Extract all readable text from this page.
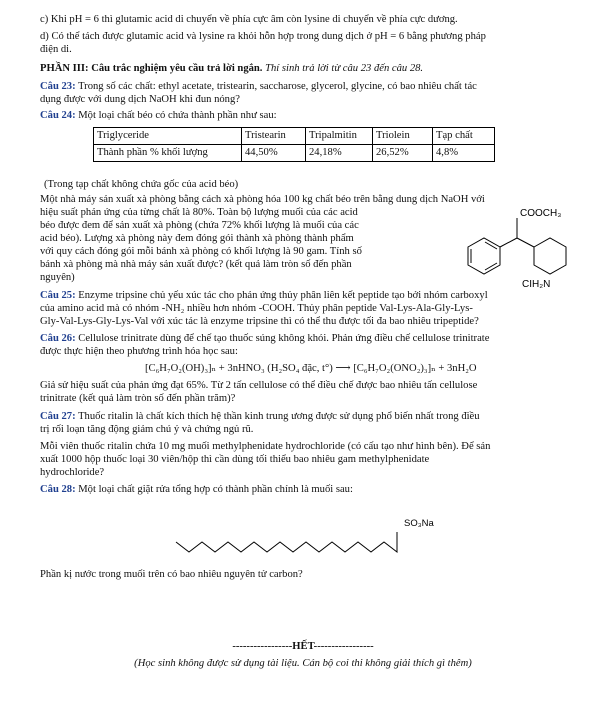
c) Khi pH = 6 thì glutamic acid di chuyển về phía cực âm còn lysine di chuyển về phía cực dương.

d) Có thể tách được glutamic acid và lysine ra khỏi hỗn hợp trong dung dịch ở pH = 6 bằng phương pháp

điện di.

PHẦN III: Câu trắc nghiệm yêu cầu trả lời ngắn. Thí sinh trả lời từ câu 23 đến câu 28.

Câu 23: Trong số các chất: ethyl acetate, tristearin, saccharose, glycerol, glycine, có bao nhiêu chất tác

dụng được với dung dịch NaOH khi đun nóng?

Câu 24: Một loại chất béo có chứa thành phần như sau:

Triglyceride	Tristearin	Tripalmitin	Triolein	Tạp chất
Thành phần % khối lượng	44,50%	24,18%	26,52%	4,8%

(Trong tạp chất không chứa gốc của acid béo)

Một nhà máy sản xuất xà phòng bằng cách xà phòng hóa 100 kg chất béo trên bằng dung dịch NaOH với

hiệu suất phản ứng của từng chất là 80%. Toàn bộ lượng muối của các acid

béo được đem để sản xuất xà phòng (chứa 72% khối lượng là muối của các

acid béo). Lượng xà phòng này đem đóng gói thành xà phòng thành phẩm

với quy cách đóng gói mỗi bánh xà phòng có khối lượng là 90 gam. Tính số

bánh xà phòng mà nhà máy sản xuất được? (kết quả làm tròn số đến phần

nguyên)

COOCH₃
CIH₂N

Câu 25: Enzyme tripsine chủ yếu xúc tác cho phản ứng thủy phân liên kết peptide tạo bởi nhóm carboxyl

của amino acid mà có nhóm -NH₂ nhiều hơn nhóm -COOH. Thủy phân peptide Val-Lys-Ala-Gly-Lys-

Gly-Val-Lys-Gly-Lys-Val với xúc tác là enzyme tripsine thì có thể thu được tối đa bao nhiêu tripeptide?

Câu 26: Cellulose trinitrate dùng để chế tạo thuốc súng không khói. Phản ứng điều chế cellulose trinitrate

được thực hiện theo phương trình hóa học sau:

[C₆H₇O₂(OH)₃]ₙ + 3nHNO₃ (H₂SO₄ đặc, t°) ⟶ [C₆H₇O₂(ONO₂)₃]ₙ + 3nH₂O

Giả sử hiệu suất của phản ứng đạt 65%. Từ 2 tấn cellulose có thể điều chế được bao nhiêu tấn cellulose

trinitrate (kết quả làm tròn số đến phần trăm)?

Câu 27: Thuốc ritalin là chất kích thích hệ thần kinh trung ương được sử dụng phổ biến nhất trong điều

trị rối loạn tăng động giảm chú ý và chứng ngủ rũ.

Mỗi viên thuốc ritalin chứa 10 mg muối methylphenidate hydrochloride (có cấu tạo như hình bên). Để sản

xuất 1000 hộp thuốc loại 30 viên/hộp thì cần dùng tối thiểu bao nhiêu gam methylphenidate

hydrochloride?

Câu 28: Một loại chất giặt rửa tổng hợp có thành phần chính là muối sau:

SO₃Na

Phần kị nước trong muối trên có bao nhiêu nguyên tử carbon?

-----------------HẾT-----------------

(Học sinh không được sử dụng tài liệu. Cán bộ coi thi không giải thích gì thêm)
